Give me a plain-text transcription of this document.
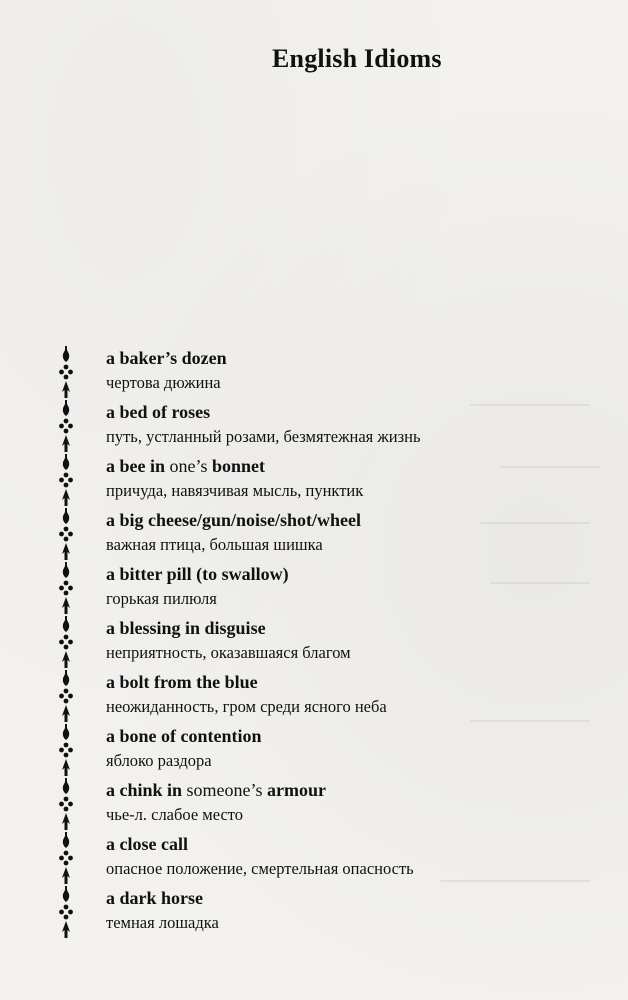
English Idioms
a baker’s dozen
чертова дюжина
a bed of roses
путь, устланный розами, безмятежная жизнь
a bee in one’s bonnet
причуда, навязчивая мысль, пунктик
a big cheese/gun/noise/shot/wheel
важная птица, большая шишка
a bitter pill (to swallow)
горькая пилюля
a blessing in disguise
неприятность, оказавшаяся благом
a bolt from the blue
неожиданность, гром среди ясного неба
a bone of contention
яблоко раздора
a chink in someone’s armour
чье-л. слабое место
a close call
опасное положение, смертельная опасность
a dark horse
темная лошадка
